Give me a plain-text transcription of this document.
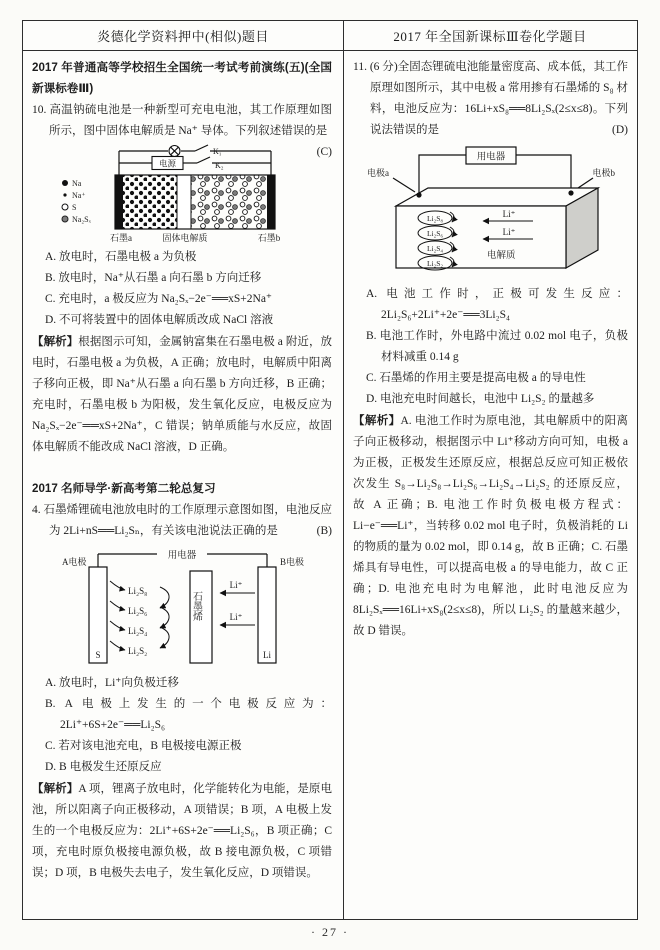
炎德化学资料押中(相似)题目	2017 年全国新课标Ⅲ卷化学题目
2017 年普通高等学校招生全国统一考试考前演练(五)(全国新课标卷Ⅲ)
10. 高温钠硫电池是一种新型可充电电池，其工作原理如图所示，图中固体电解质是 Na⁺ 导体。下列叙述错误的是
(C)
Na
Na⁺
S
Na₂Sₓ
K₁
电源	K₂
石墨a	固体电解质	石墨b
A. 放电时，石墨电极 a 为负极
B. 放电时，Na⁺从石墨 a 向石墨 b 方向迁移
C. 充电时，a 极反应为 Na₂Sₓ−2e⁻══xS+2Na⁺
D. 不可将装置中的固体电解质改成 NaCl 溶液
【解析】根据图示可知，金属钠富集在石墨电极 a 附近，放电时，石墨电极 a 为负极，A 正确；放电时，电解质中阳离子移向正极，即 Na⁺从石墨 a 向石墨 b 方向迁移，B 正确；充电时，石墨电极 b 为阳极，发生氧化反应，电极反应为 Na₂Sₓ−2e⁻══xS+2Na⁺，C 错误；钠单质能与水反应，故固体电解质不能改成 NaCl 溶液，D 正确。
2017 名师导学·新高考第二轮总复习
4. 石墨烯锂硫电池放电时的工作原理示意图如图，电池反应为 2Li+nS══Li₂Sₙ，有关该电池说法正确的是	(B)
用电器
A电极	B电极
S	Li
石墨烯
Li₂S₈
Li₂S₆
Li₂S₄
Li₂S₂
Li⁺
Li⁺
A. 放电时，Li⁺向负极迁移
B. A 电极上发生的一个电极反应为：2Li⁺+6S+2e⁻══Li₂S₆
C. 若对该电池充电，B 电极接电源正极
D. B 电极发生还原反应
【解析】A 项，锂离子放电时，化学能转化为电能，是原电池，所以阳离子向正极移动，A 项错误；B 项，A 电极上发生的一个电极反应为：2Li⁺+6S+2e⁻══Li₂S₆，B 项正确；C 项，充电时原负极接电源负极，故 B 接电源负极，C 项错误；D 项，B 电极失去电子，发生氧化反应，D 项错误。
11. (6 分)全固态锂硫电池能量密度高、成本低，其工作原理如图所示，其中电极 a 常用掺有石墨烯的 S₈ 材料，电池反应为：16Li+xS₈══8Li₂Sₓ(2≤x≤8)。下列说法错误的是	(D)
用电器
电极a	电极b
Li₂S₈
Li₂S₆
Li₂S₄
Li₂S₂
Li⁺
Li⁺
电解质
A. 电池工作时，正极可发生反应：2Li₂S₆+2Li⁺+2e⁻══3Li₂S₄
B. 电池工作时，外电路中流过 0.02 mol 电子，负极材料减重 0.14 g
C. 石墨烯的作用主要是提高电极 a 的导电性
D. 电池充电时间越长，电池中 Li₂S₂ 的量越多
【解析】A. 电池工作时为原电池，其电解质中的阳离子向正极移动，根据图示中 Li⁺移动方向可知，电极 a 为正极，正极发生还原反应，根据总反应可知正极依次发生 S₈→Li₂S₈→Li₂S₆→Li₂S₄→Li₂S₂ 的还原反应，故 A 正确；B. 电池工作时负极电极方程式：Li−e⁻══Li⁺，当转移 0.02 mol 电子时，负极消耗的 Li 的物质的量为 0.02 mol，即 0.14 g，故 B 正确；C. 石墨烯具有导电性，可以提高电极 a 的导电能力，故 C 正确；D. 电池充电时为电解池，此时电池反应为 8Li₂Sₓ══16Li+xS₈(2≤x≤8)，所以 Li₂S₂ 的量越来越少，故 D 错误。
· 27 ·
